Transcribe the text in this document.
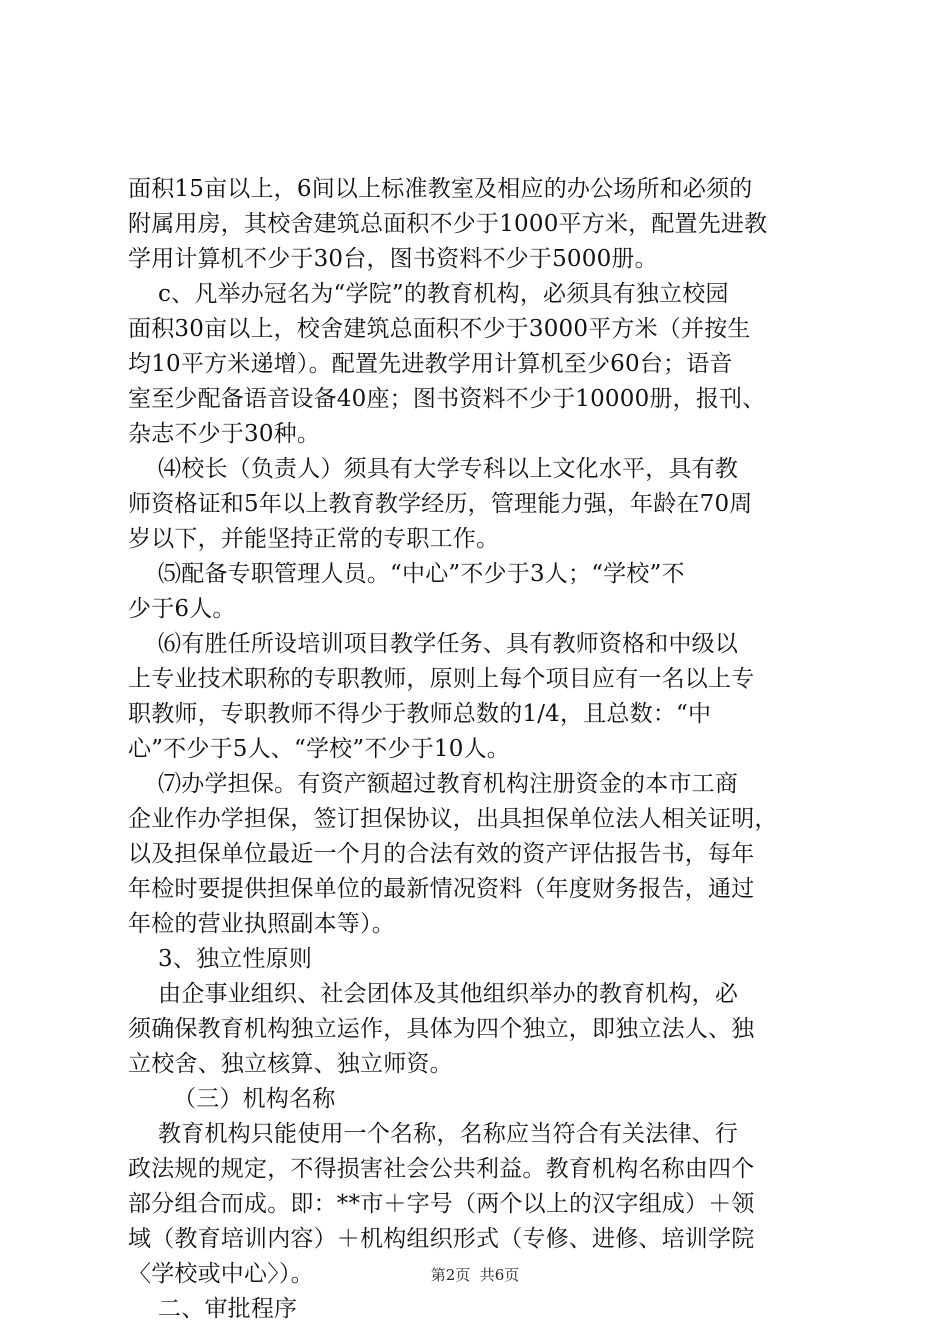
面积15亩以上，6间以上标准教室及相应的办公场所和必须的
附属用房，其校舍建筑总面积不少于1000平方米，配置先进教
学用计算机不少于30台，图书资料不少于5000册。
c、凡举办冠名为“学院”的教育机构，必须具有独立校园
面积30亩以上，校舍建筑总面积不少于3000平方米（并按生
均10平方米递增）。配置先进教学用计算机至少60台；语音
室至少配备语音设备40座；图书资料不少于10000册，报刊、
杂志不少于30种。
⑷校长（负责人）须具有大学专科以上文化水平，具有教
师资格证和5年以上教育教学经历，管理能力强，年龄在70周
岁以下，并能坚持正常的专职工作。
⑸配备专职管理人员。“中心”不少于3人；“学校”不
少于6人。
⑹有胜任所设培训项目教学任务、具有教师资格和中级以
上专业技术职称的专职教师，原则上每个项目应有一名以上专
职教师，专职教师不得少于教师总数的1/4，且总数：“中
心”不少于5人、“学校”不少于10人。
⑺办学担保。有资产额超过教育机构注册资金的本市工商
企业作办学担保，签订担保协议，出具担保单位法人相关证明，
以及担保单位最近一个月的合法有效的资产评估报告书，每年
年检时要提供担保单位的最新情况资料（年度财务报告，通过
年检的营业执照副本等）。
3、独立性原则
由企事业组织、社会团体及其他组织举办的教育机构，必
须确保教育机构独立运作，具体为四个独立，即独立法人、独
立校舍、独立核算、独立师资。
（三）机构名称
教育机构只能使用一个名称，名称应当符合有关法律、行
政法规的规定，不得损害社会公共利益。教育机构名称由四个
部分组合而成。即：**市＋字号（两个以上的汉字组成）＋领
域（教育培训内容）＋机构组织形式（专修、进修、培训学院
〈学校或中心〉）。
二、审批程序
第2页  共6页
